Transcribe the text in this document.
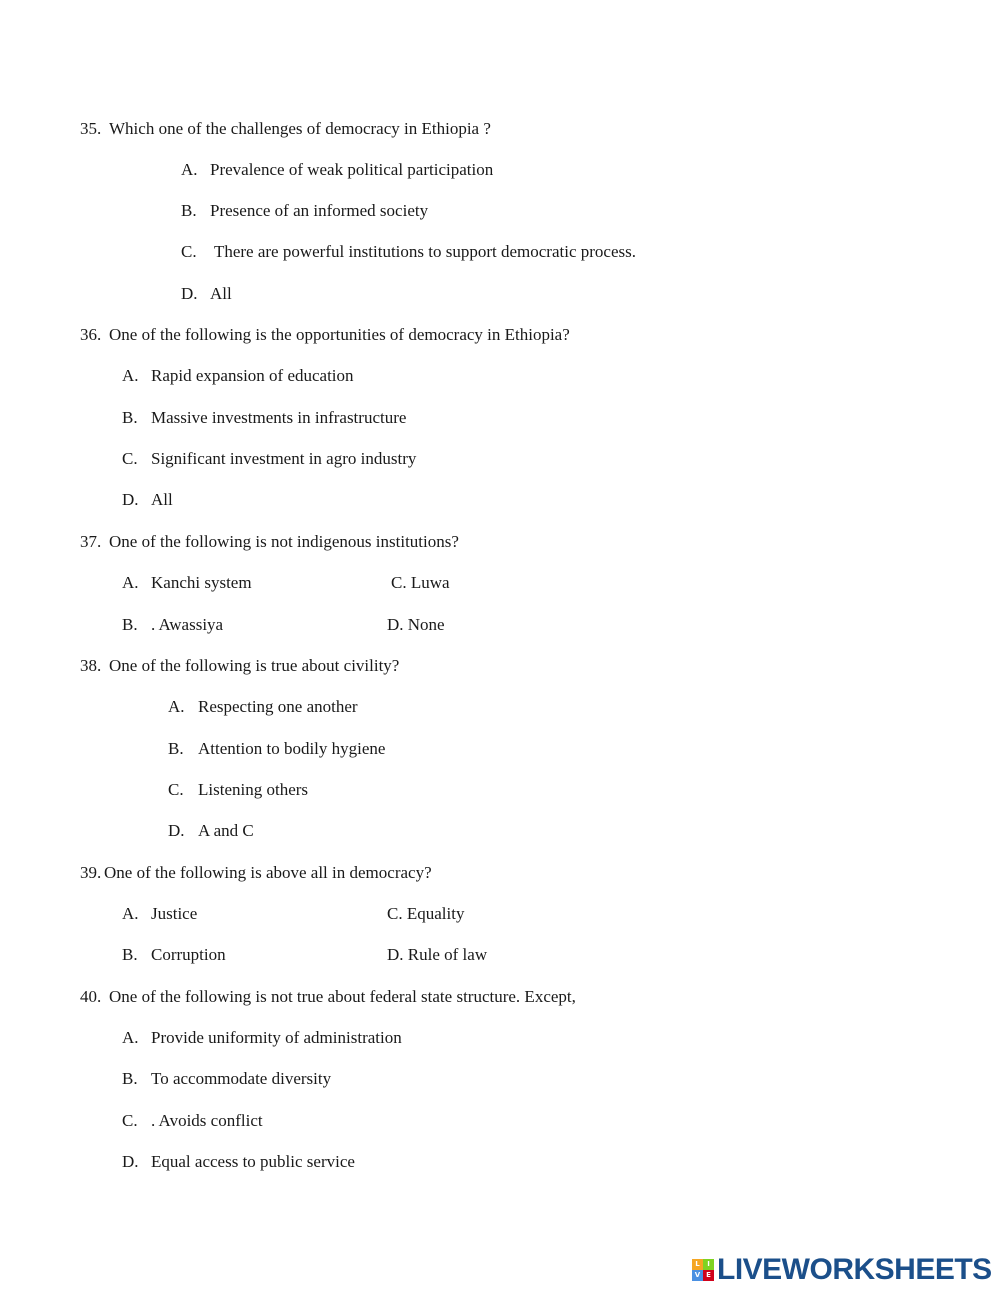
35. Which one of the challenges of democracy in Ethiopia ?
A. Prevalence of weak political participation
B. Presence of an informed society
C. There are powerful institutions to support democratic process.
D. All
36. One of the following is the opportunities of democracy in Ethiopia?
A. Rapid expansion of education
B. Massive investments in infrastructure
C. Significant investment in agro industry
D. All
37. One of the following is not indigenous institutions?
A. Kanchi system	C. Luwa
B. . Awassiya	D. None
38. One of the following is true about civility?
A. Respecting one another
B. Attention to bodily hygiene
C. Listening others
D. A and C
39. One of the following is above all in democracy?
A. Justice	C. Equality
B. Corruption	D. Rule of law
40. One of the following is not true about federal state structure. Except,
A. Provide uniformity of administration
B. To accommodate diversity
C. . Avoids conflict
D. Equal access to public service
L	I
V E LIVEWORKSHEETS
